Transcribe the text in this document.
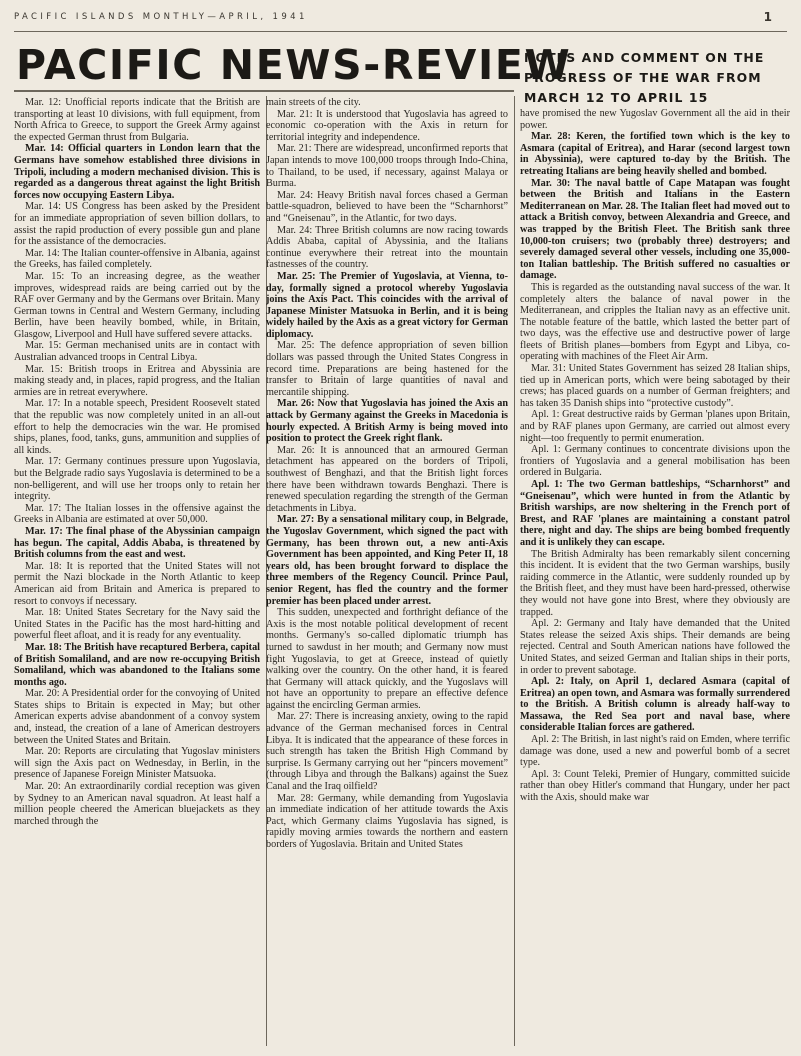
PACIFIC ISLANDS MONTHLY—APRIL, 1941	1
PACIFIC NEWS-REVIEW
NOTES AND COMMENT ON THE PROGRESS OF THE WAR FROM MARCH 12 TO APRIL 15

Mar. 12: Unofficial reports indicate that the British are transporting at least 10 divisions, with full equipment, from North Africa to Greece, to support the Greek Army against the expected German thrust from Bulgaria.

Mar. 14: Official quarters in London learn that the Germans have somehow established three divisions in Tripoli, including a modern mechanised division. This is regarded as a dangerous threat against the light British forces now occupying Eastern Libya.

Mar. 14: US Congress has been asked by the President for an immediate appropriation of seven billion dollars, to assist the rapid production of every possible gun and plane for the assistance of the democracies.

Mar. 14: The Italian counter-offensive in Albania, against the Greeks, has failed completely.

Mar. 15: To an increasing degree, as the weather improves, widespread raids are being carried out by the RAF over Germany and by the Germans over Britain. Many German towns in Central and Western Germany, including Berlin, have been heavily bombed, while, in Britain, Glasgow, Liverpool and Hull have suffered severe attacks.

Mar. 15: German mechanised units are in contact with Australian advanced troops in Central Libya.

Mar. 15: British troops in Eritrea and Abyssinia are making steady and, in places, rapid progress, and the Italian armies are in retreat everywhere.

Mar. 17: In a notable speech, President Roosevelt stated that the republic was now completely united in an all-out effort to help the democracies win the war. He promised ships, planes, food, tanks, guns, ammunition and supplies of all kinds.

Mar. 17: Germany continues pressure upon Yugoslavia, but the Belgrade radio says Yugoslavia is determined to be a non-belligerent, and will use her troops only to retain her integrity.

Mar. 17: The Italian losses in the offensive against the Greeks in Albania are estimated at over 50,000.

Mar. 17: The final phase of the Abyssinian campaign has begun. The capital, Addis Ababa, is threatened by British columns from the east and west.

Mar. 18: It is reported that the United States will not permit the Nazi blockade in the North Atlantic to keep American aid from Britain and America is prepared to resort to convoys if necessary.

Mar. 18: United States Secretary for the Navy said the United States in the Pacific has the most hard-hitting and powerful fleet afloat, and it is ready for any eventuality.

Mar. 18: The British have recaptured Berbera, capital of British Somaliland, and are now re-occupying British Somaliland, which was abandoned to the Italians some months ago.

Mar. 20: A Presidential order for the convoying of United States ships to Britain is expected in May; but other American experts advise abandonment of a convoy system and, instead, the creation of a lane of American destroyers between the United States and Britain.

Mar. 20: Reports are circulating that Yugoslav ministers will sign the Axis pact on Wednesday, in Berlin, in the presence of Japanese Foreign Minister Matsuoka.

Mar. 20: An extraordinarily cordial reception was given by Sydney to an American naval squadron. At least half a million people cheered the American bluejackets as they marched through the

main streets of the city.

Mar. 21: It is understood that Yugoslavia has agreed to economic co-operation with the Axis in return for territorial integrity and independence.

Mar. 21: There are widespread, unconfirmed reports that Japan intends to move 100,000 troops through Indo-China, to Thailand, to be used, if necessary, against Malaya or Burma.

Mar. 24: Heavy British naval forces chased a German battle-squadron, believed to have been the “Scharnhorst” and “Gneisenau”, in the Atlantic, for two days.

Mar. 24: Three British columns are now racing towards Addis Ababa, capital of Abyssinia, and the Italians continue everywhere their retreat into the mountain fastnesses of the country.

Mar. 25: The Premier of Yugoslavia, at Vienna, to-day, formally signed a protocol whereby Yugoslavia joins the Axis Pact. This coincides with the arrival of Japanese Minister Matsuoka in Berlin, and it is being widely hailed by the Axis as a great victory for German diplomacy.

Mar. 25: The defence appropriation of seven billion dollars was passed through the United States Congress in record time. Preparations are being hastened for the transfer to Britain of large quantities of naval and mercantile shipping.

Mar. 26: Now that Yugoslavia has joined the Axis an attack by Germany against the Greeks in Macedonia is hourly expected. A British Army is being moved into position to protect the Greek right flank.

Mar. 26: It is announced that an armoured German detachment has appeared on the borders of Tripoli, southwest of Benghazi, and that the British light forces there have been withdrawn towards Benghazi. There is renewed speculation regarding the strength of the German detachments in Libya.

Mar. 27: By a sensational military coup, in Belgrade, the Yugoslav Government, which signed the pact with Germany, has been thrown out, a new anti-Axis Government has been appointed, and King Peter II, 18 years old, has been brought forward to displace the three members of the Regency Council. Prince Paul, senior Regent, has fled the country and the former premier has been placed under arrest.

This sudden, unexpected and forthright defiance of the Axis is the most notable political development of recent months. Germany's so-called diplomatic triumph has turned to sawdust in her mouth; and Germany now must fight Yugoslavia, to get at Greece, instead of quietly walking over the country. On the other hand, it is feared that Germany will attack quickly, and the Yugoslavs will not have an opportunity to prepare an effective defence against the encircling German armies.

Mar. 27: There is increasing anxiety, owing to the rapid advance of the German mechanised forces in Central Libya. It is indicated that the appearance of these forces in such strength has taken the British High Command by surprise. Is Germany carrying out her “pincers movement” (through Libya and through the Balkans) against the Suez Canal and the Iraq oilfield?

Mar. 28: Germany, while demanding from Yugoslavia an immediate indication of her attitude towards the Axis Pact, which Germany claims Yugoslavia has signed, is rapidly moving armies towards the northern and eastern borders of Yugoslavia. Britain and United States

have promised the new Yugoslav Government all the aid in their power.

Mar. 28: Keren, the fortified town which is the key to Asmara (capital of Eritrea), and Harar (second largest town in Abyssinia), were captured to-day by the British. The retreating Italians are being heavily shelled and bombed.

Mar. 30: The naval battle of Cape Matapan was fought between the British and Italians in the Eastern Mediterranean on Mar. 28. The Italian fleet had moved out to attack a British convoy, between Alexandria and Greece, and was trapped by the British Fleet. The British sank three 10,000-ton cruisers; two (probably three) destroyers; and severely damaged several other vessels, including one 35,000-ton Italian battleship. The British suffered no casualties or damage.

This is regarded as the outstanding naval success of the war. It completely alters the balance of naval power in the Mediterranean, and cripples the Italian navy as an effective unit. The notable feature of the battle, which lasted the better part of two days, was the effective use and destructive power of large fleets of British planes—bombers from Egypt and Libya, co-operating with machines of the Fleet Air Arm.

Mar. 31: United States Government has seized 28 Italian ships, tied up in American ports, which were being sabotaged by their crews; has placed guards on a number of German freighters; and has taken 35 Danish ships into “protective custody”.

Apl. 1: Great destructive raids by German 'planes upon Britain, and by RAF planes upon Germany, are carried out almost every night—too frequently to permit enumeration.

Apl. 1: Germany continues to concentrate divisions upon the frontiers of Yugoslavia and a general mobilisation has been ordered in Bulgaria.

Apl. 1: The two German battleships, “Scharnhorst” and “Gneisenau”, which were hunted in from the Atlantic by British warships, are now sheltering in the French port of Brest, and RAF 'planes are maintaining a constant patrol there, night and day. The ships are being bombed frequently and it is unlikely they can escape.

The British Admiralty has been remarkably silent concerning this incident. It is evident that the two German warships, busily raiding commerce in the Atlantic, were suddenly rounded up by the British fleet, and they must have been hard-pressed, otherwise they would not have gone into Brest, where they obviously are trapped.

Apl. 2: Germany and Italy have demanded that the United States release the seized Axis ships. Their demands are being rejected. Central and South American nations have followed the United States, and seized German and Italian ships in their ports, in order to prevent sabotage.

Apl. 2: Italy, on April 1, declared Asmara (capital of Eritrea) an open town, and Asmara was formally surrendered to the British. A British column is already half-way to Massawa, the Red Sea port and naval base, where considerable Italian forces are gathered.

Apl. 2: The British, in last night's raid on Emden, where terrific damage was done, used a new and powerful bomb of a secret type.

Apl. 3: Count Teleki, Premier of Hungary, committed suicide rather than obey Hitler's command that Hungary, under her pact with the Axis, should make war
